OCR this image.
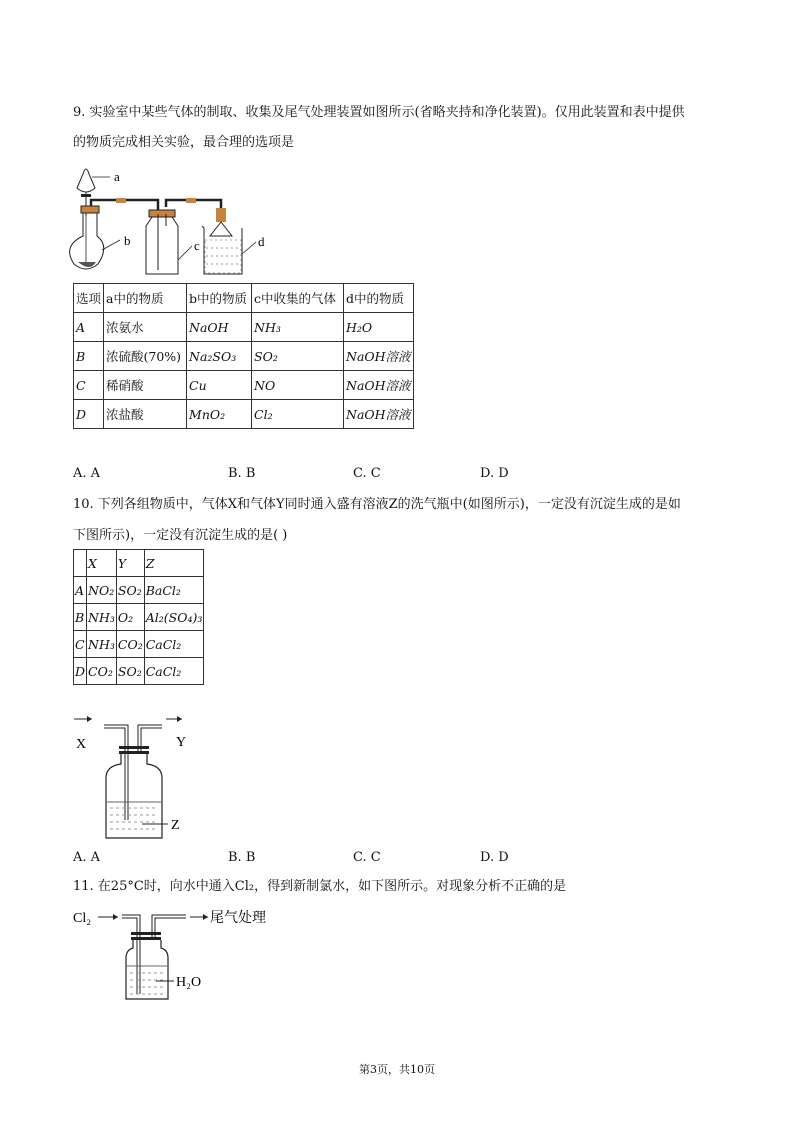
9. 实验室中某些气体的制取、收集及尾气处理装置如图所示(省略夹持和净化装置)。仅用此装置和表中提供
的物质完成相关实验，最合理的选项是
a
b	c	d
选项	a中的物质	b中的物质	c中收集的气体	d中的物质
A	浓氨水	NaOH	NH₃	H₂O
B	浓硫酸(70%)	Na₂SO₃	SO₂	NaOH溶液
C	稀硝酸	Cu	NO	NaOH溶液
D	浓盐酸	MnO₂	Cl₂	NaOH溶液
A. A	B. B	C. C	D. D
10. 下列各组物质中，气体X和气体Y同时通入盛有溶液Z的洗气瓶中(如图所示)，一定没有沉淀生成的是如
下图所示)，一定没有沉淀生成的是( )
	X	Y	Z
A	NO₂	SO₂	BaCl₂
B	NH₃	O₂	Al₂(SO₄)₃
C	NH₃	CO₂	CaCl₂
D	CO₂	SO₂	CaCl₂
X	Y
Z
A. A	B. B	C. C	D. D
11. 在25°C时，向水中通入Cl₂，得到新制氯水，如下图所示。对现象分析不正确的是
Cl₂	尾气处理
H₂O
第3页，共10页
